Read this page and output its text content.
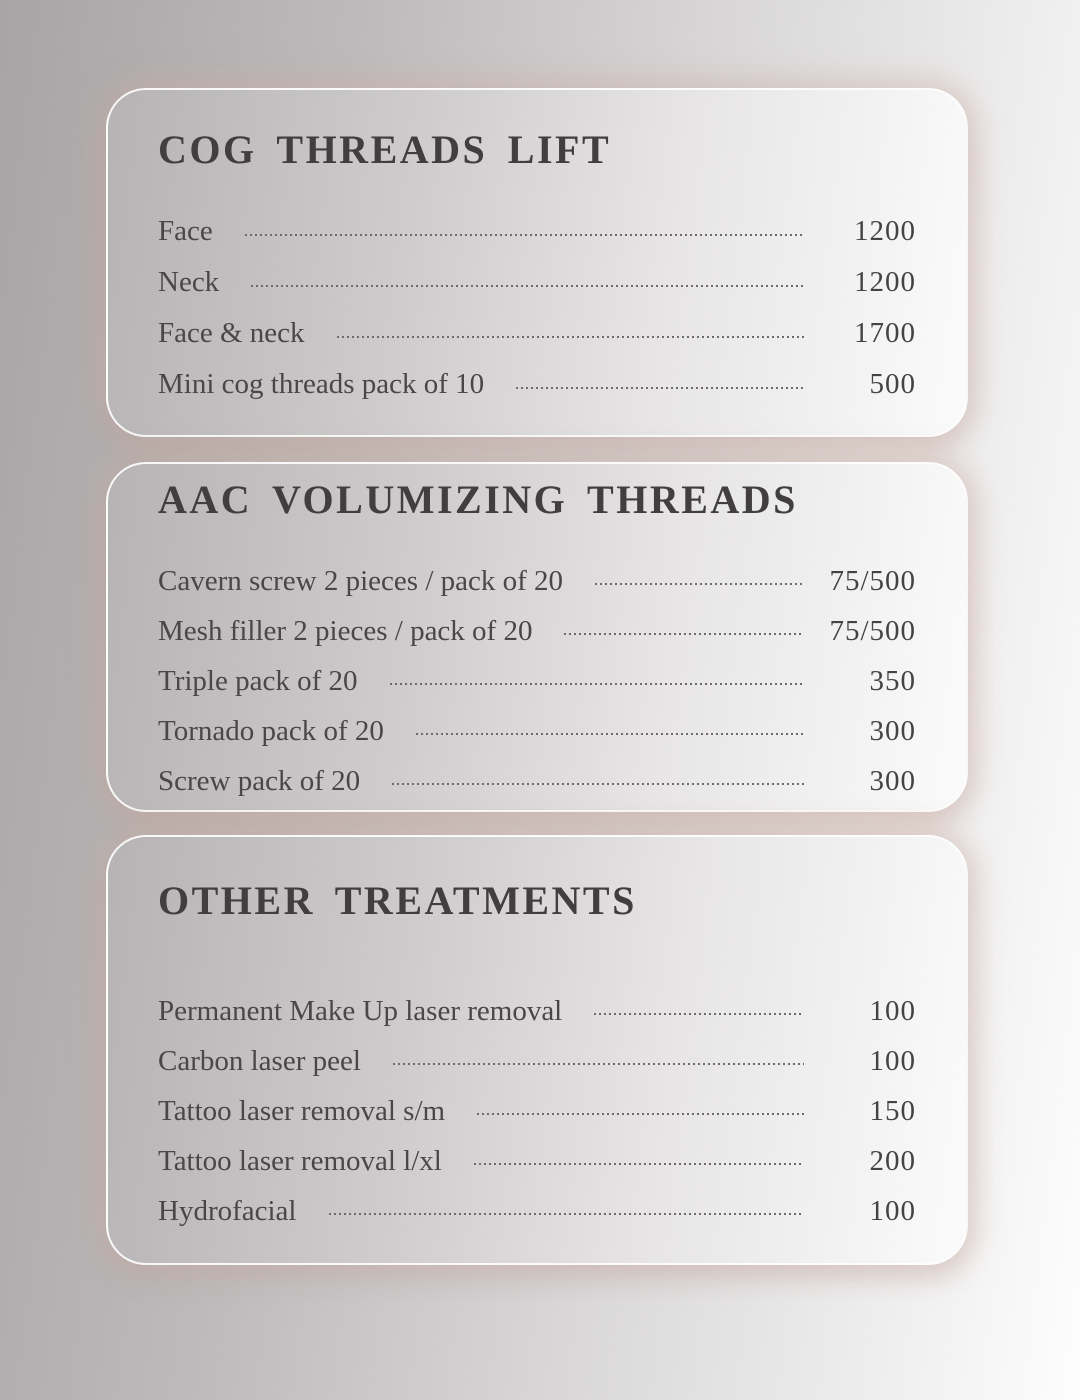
COG THREADS LIFT
Face	1200
Neck	1200
Face & neck	1700
Mini cog threads pack of 10	500
AAC VOLUMIZING THREADS
Cavern screw 2 pieces / pack of 20	75/500
Mesh filler 2 pieces / pack of 20	75/500
Triple pack of 20	350
Tornado pack of 20	300
Screw pack of 20	300
OTHER TREATMENTS
Permanent Make Up laser removal	100
Carbon laser peel	100
Tattoo laser removal s/m	150
Tattoo laser removal l/xl	200
Hydrofacial	100
